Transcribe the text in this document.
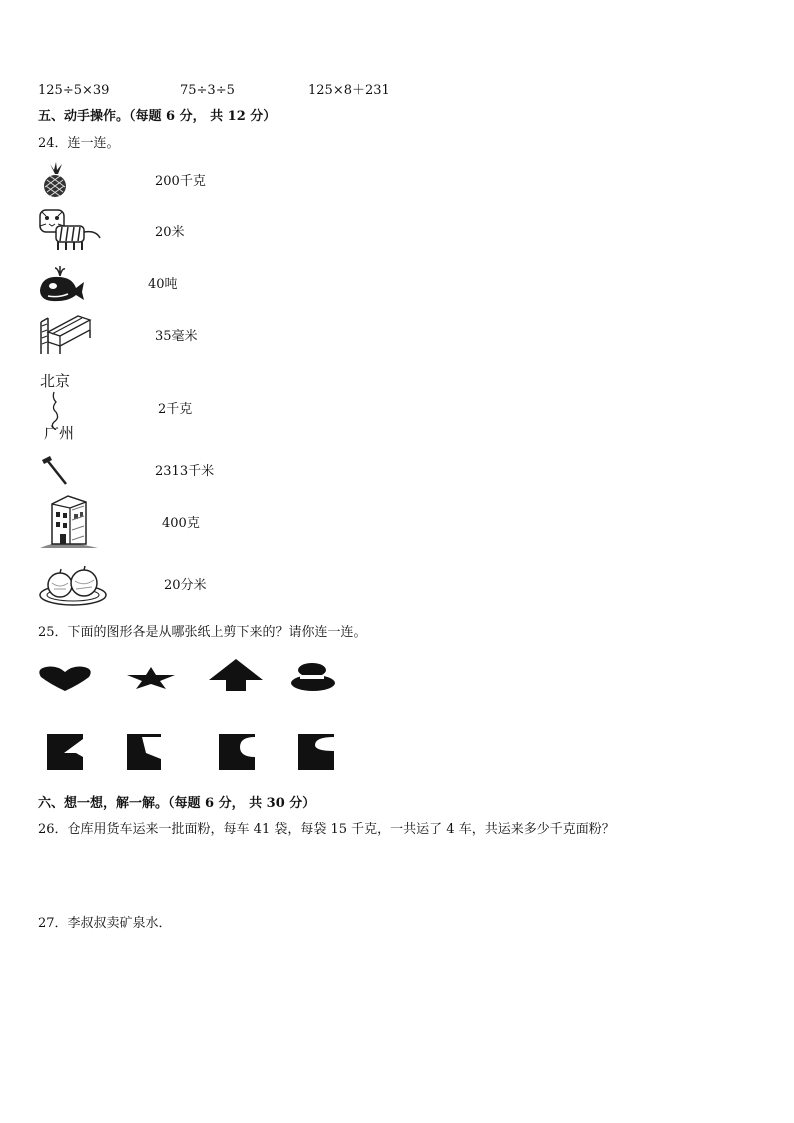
125÷5×39	75÷3÷5	125×8＋231
五、动手操作。（每题 6 分， 共 12 分）
24．连一连。
200千克
20米
40吨
35毫米
北京
广州
2千克
2313千米
400克
20分米
25．下面的图形各是从哪张纸上剪下来的？请你连一连。
六、想一想，解一解。（每题 6 分， 共 30 分）
26．仓库用货车运来一批面粉，每车 41 袋，每袋 15 千克，一共运了 4 车，共运来多少千克面粉？
27．李叔叔卖矿泉水．
